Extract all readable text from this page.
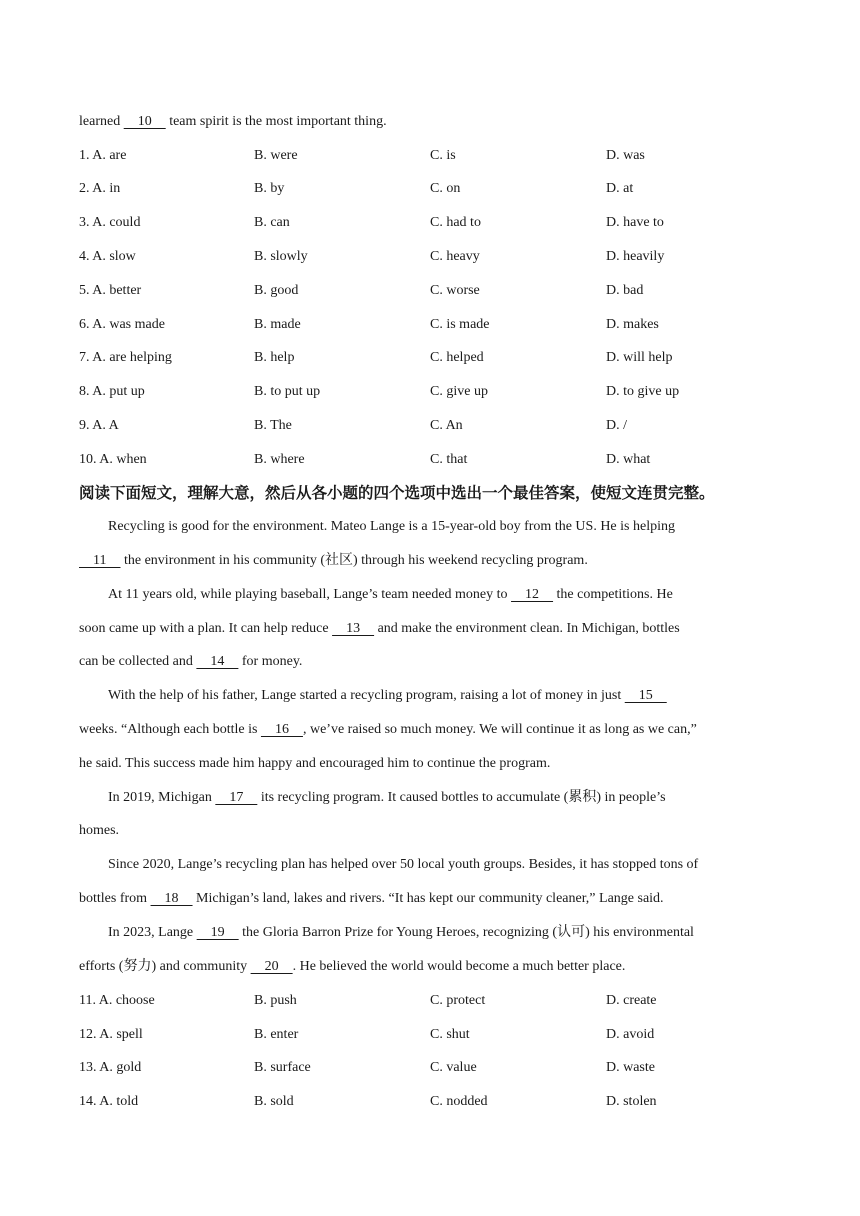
learned     10     team spirit is the most important thing.
1. A. are	B. were	C. is	D. was
2. A. in	B. by	C. on	D. at
3. A. could	B. can	C. had to	D. have to
4. A. slow	B. slowly	C. heavy	D. heavily
5. A. better	B. good	C. worse	D. bad
6. A. was made	B. made	C. is made	D. makes
7. A. are helping	B. help	C. helped	D. will help
8. A. put up	B. to put up	C. give up	D. to give up
9. A. A	B. The	C. An	D. /
10. A. when	B. where	C. that	D. what
阅读下面短文，理解大意，然后从各小题的四个选项中选出一个最佳答案，使短文连贯完整。
Recycling is good for the environment. Mateo Lange is a 15-year-old boy from the US. He is helping
11     the environment in his community (社区) through his weekend recycling program.
At 11 years old, while playing baseball, Lange’s team needed money to     12     the competitions. He
soon came up with a plan. It can help reduce     13     and make the environment clean. In Michigan, bottles
can be collected and     14     for money.
With the help of his father, Lange started a recycling program, raising a lot of money in just     15
weeks. “Although each bottle is     16    , we’ve raised so much money. We will continue it as long as we can,”
he said. This success made him happy and encouraged him to continue the program.
In 2019, Michigan     17     its recycling program. It caused bottles to accumulate (累积) in people’s
homes.
Since 2020, Lange’s recycling plan has helped over 50 local youth groups. Besides, it has stopped tons of
bottles from     18     Michigan’s land, lakes and rivers. “It has kept our community cleaner,” Lange said.
In 2023, Lange     19     the Gloria Barron Prize for Young Heroes, recognizing (认可) his environmental
efforts (努力) and community     20    . He believed the world would become a much better place.
11. A. choose	B. push	C. protect	D. create
12. A. spell	B. enter	C. shut	D. avoid
13. A. gold	B. surface	C. value	D. waste
14. A. told	B. sold	C. nodded	D. stolen
